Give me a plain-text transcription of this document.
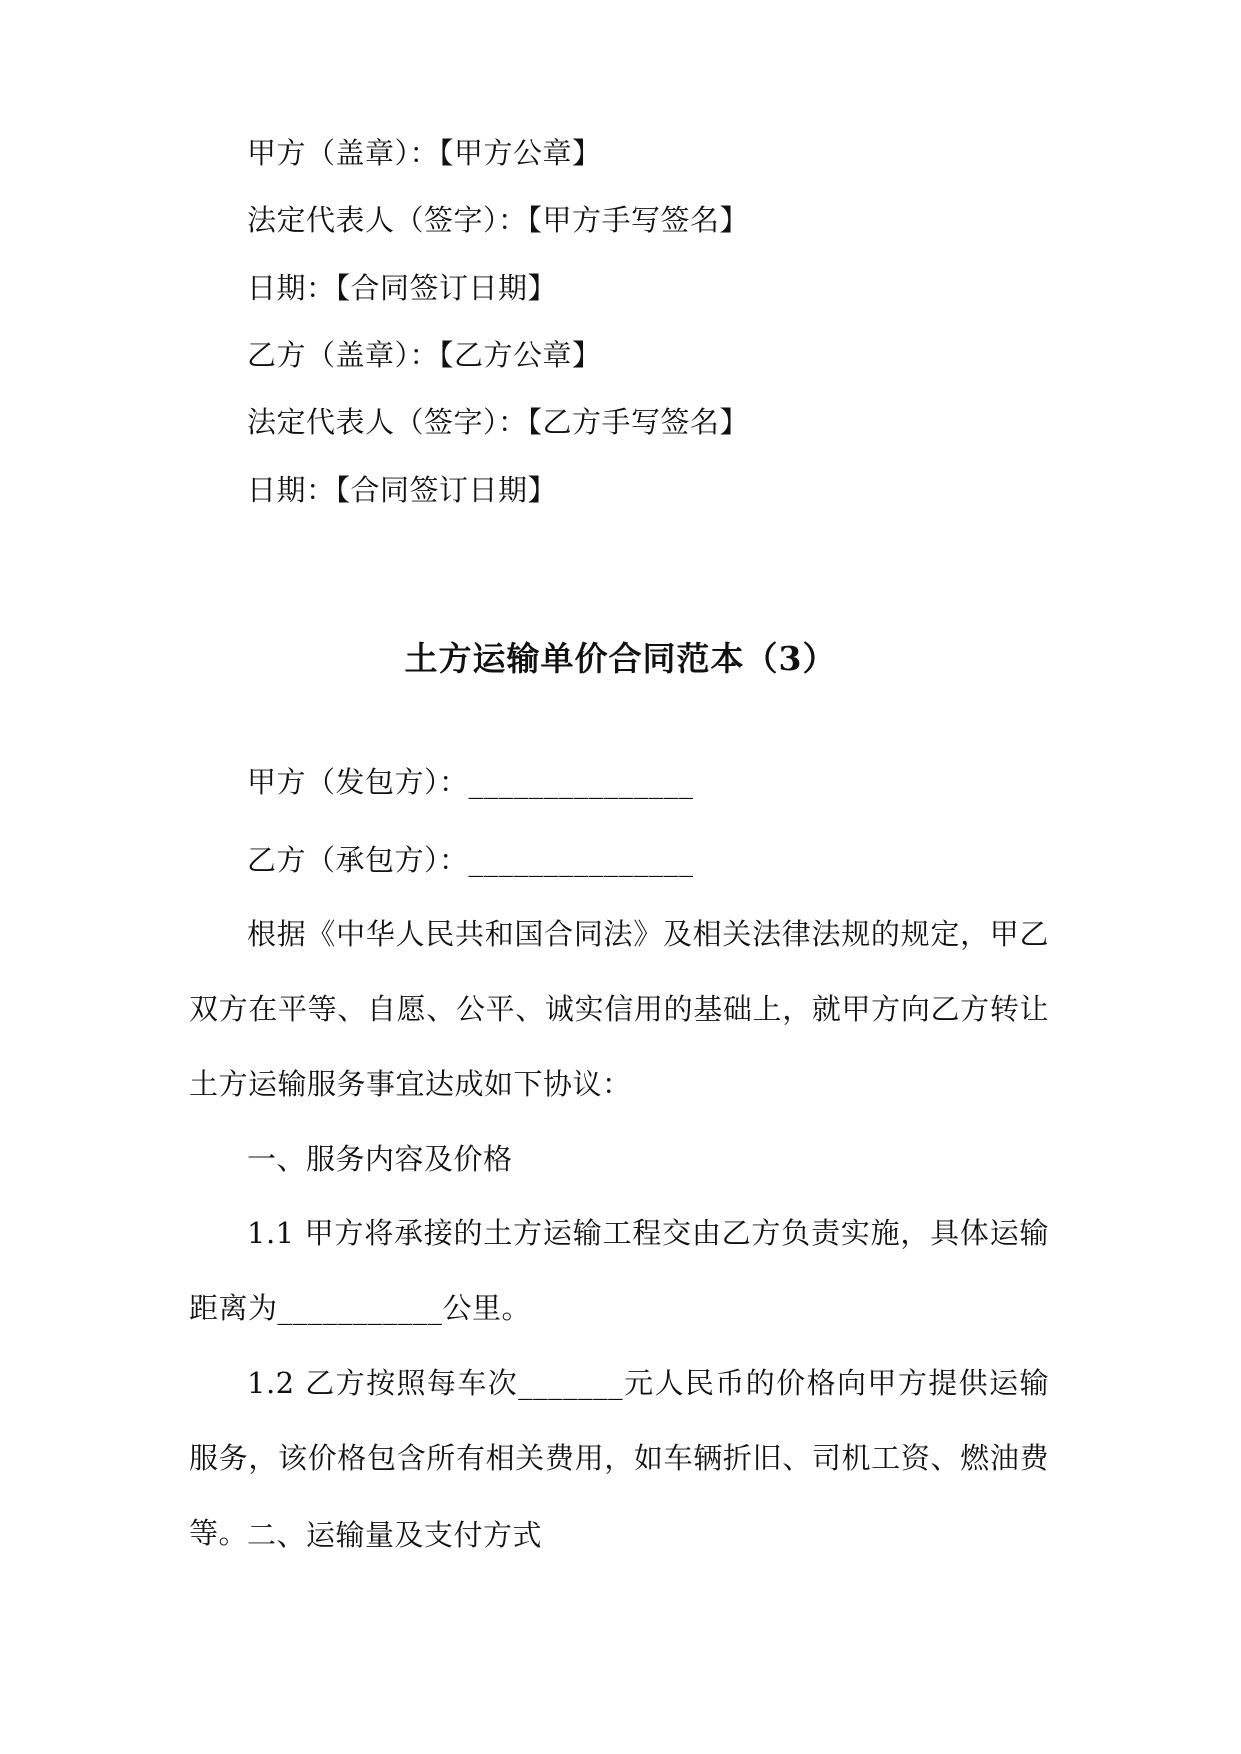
甲方（盖章）：【甲方公章】
法定代表人（签字）：【甲方手写签名】
日期：【合同签订日期】
乙方（盖章）：【乙方公章】
法定代表人（签字）：【乙方手写签名】
日期：【合同签订日期】
土方运输单价合同范本（3）
甲方（发包方）：_______________
乙方（承包方）：_______________
根据《中华人民共和国合同法》及相关法律法规的规定，甲乙双方在平等、自愿、公平、诚实信用的基础上，就甲方向乙方转让土方运输服务事宜达成如下协议：
一、服务内容及价格
1.1 甲方将承接的土方运输工程交由乙方负责实施，具体运输距离为___________公里。
1.2 乙方按照每车次_______元人民币的价格向甲方提供运输服务，该价格包含所有相关费用，如车辆折旧、司机工资、燃油费等。
二、运输量及支付方式
